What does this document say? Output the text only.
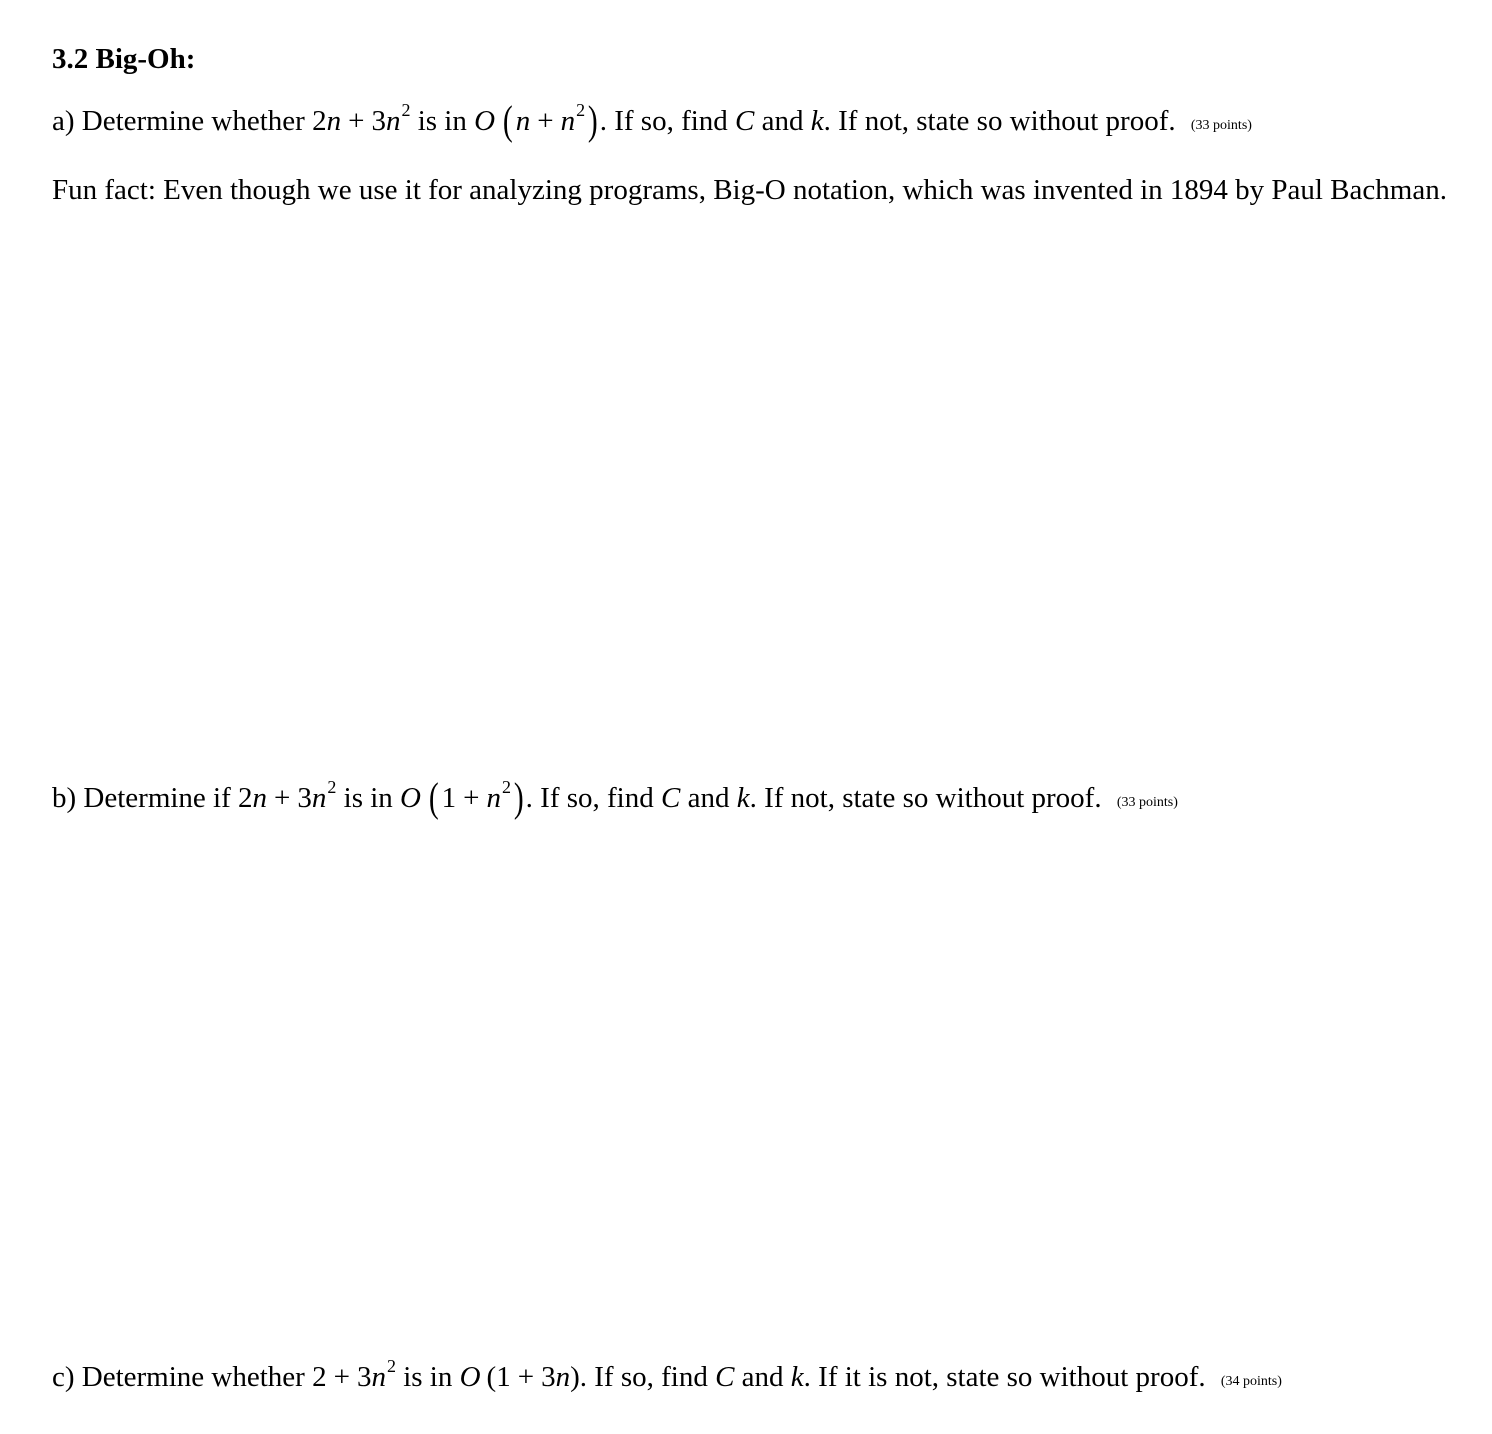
3.2 Big-Oh:
a) Determine whether $2n + 3n^2$ is in O ( $n + n^2$). If so, find C and k. If not, state so without proof. (33 points)
Fun fact: Even though we use it for analyzing programs, Big-O notation, which was invented in 1894 by Paul Bachman.
b) Determine if $2n + 3n^2$ is in O ( $1 + n^2$). If so, find C and k. If not, state so without proof. (33 points)
c) Determine whether $2 + 3n^2$ is in O (1 + 3n). If so, find C and k. If it is not, state so without proof. (34 points)
